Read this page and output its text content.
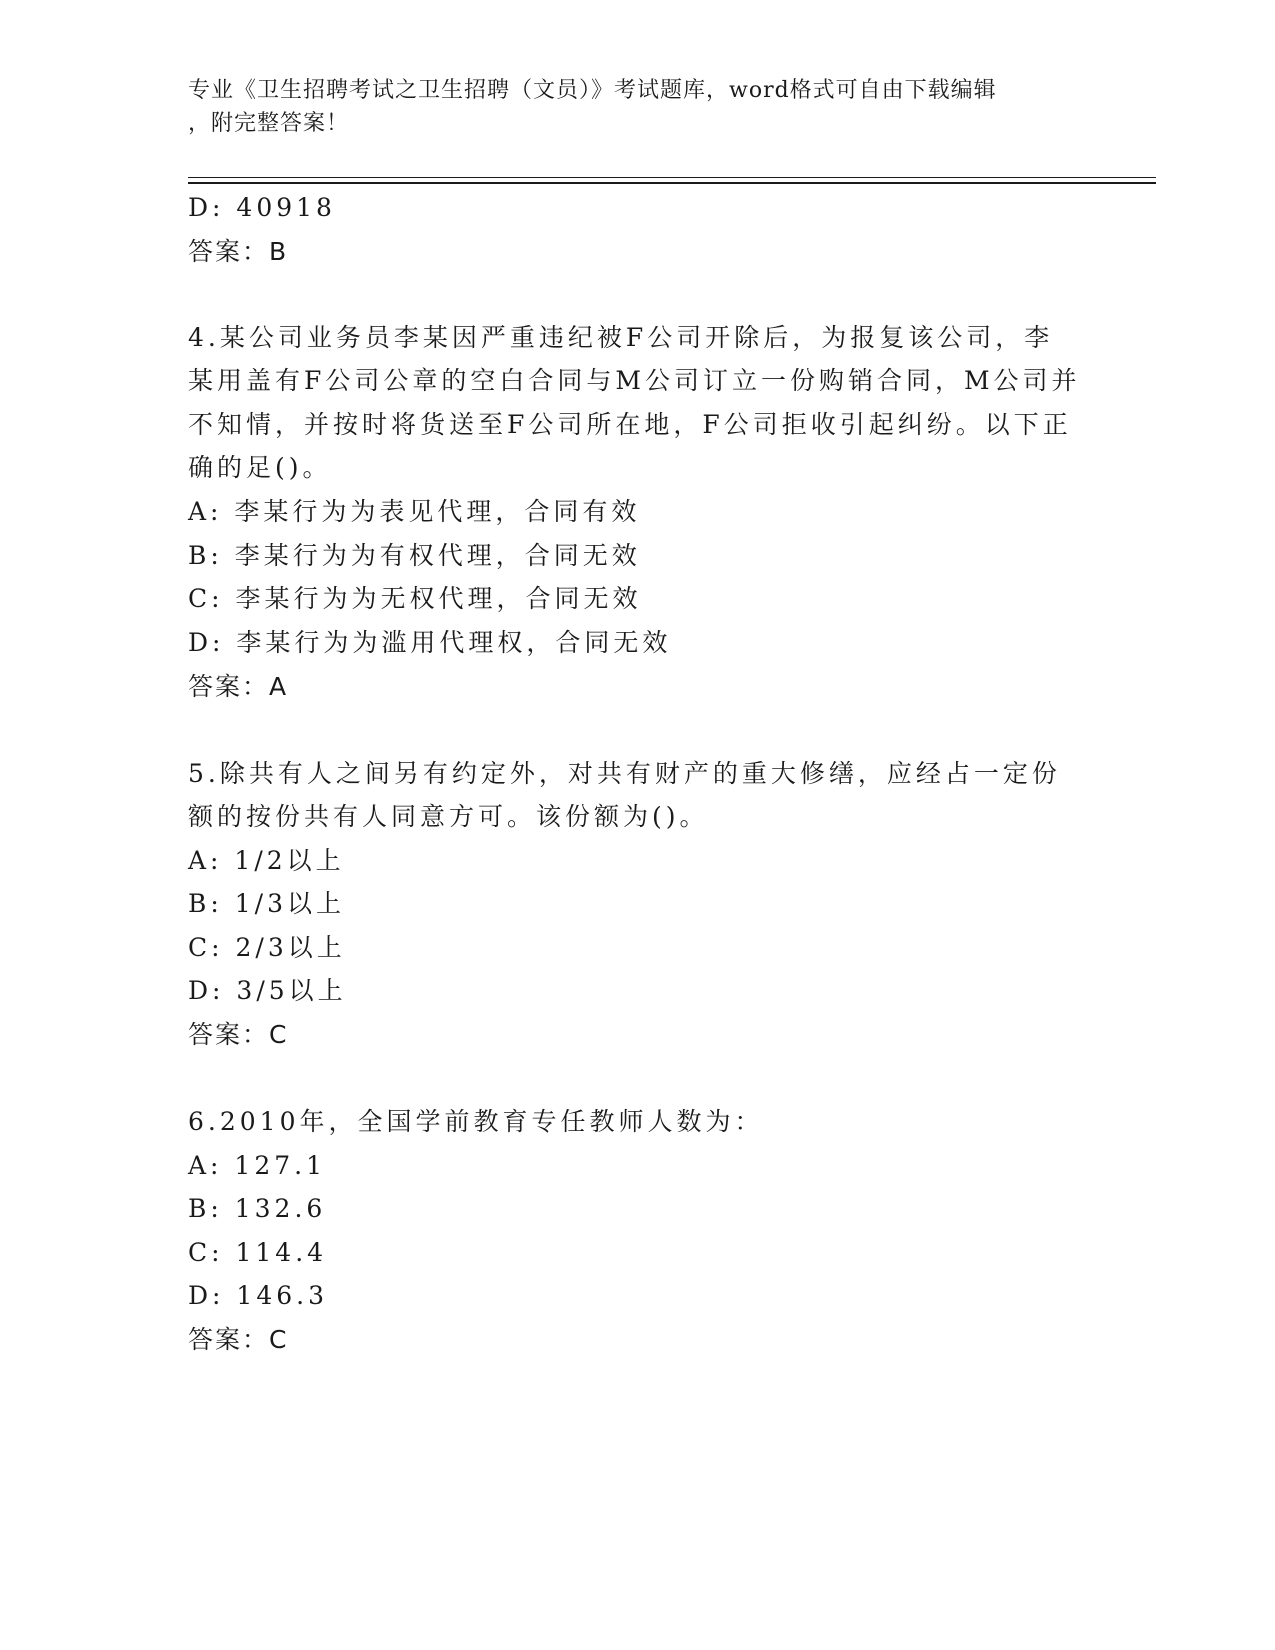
专业《卫生招聘考试之卫生招聘（文员）》考试题库，word格式可自由下载编辑
，附完整答案！
D: 40918
答案：B
4.某公司业务员李某因严重违纪被F公司开除后，为报复该公司，李
某用盖有F公司公章的空白合同与M公司订立一份购销合同，M公司并
不知情，并按时将货送至F公司所在地，F公司拒收引起纠纷。以下正
确的足()。
A: 李某行为为表见代理，合同有效
B: 李某行为为有权代理，合同无效
C: 李某行为为无权代理，合同无效
D: 李某行为为滥用代理权，合同无效
答案：A
5.除共有人之间另有约定外，对共有财产的重大修缮，应经占一定份
额的按份共有人同意方可。该份额为()。
A: 1/2以上
B: 1/3以上
C: 2/3以上
D: 3/5以上
答案：C
6.2010年，全国学前教育专任教师人数为：
A: 127.1
B: 132.6
C: 114.4
D: 146.3
答案：C
